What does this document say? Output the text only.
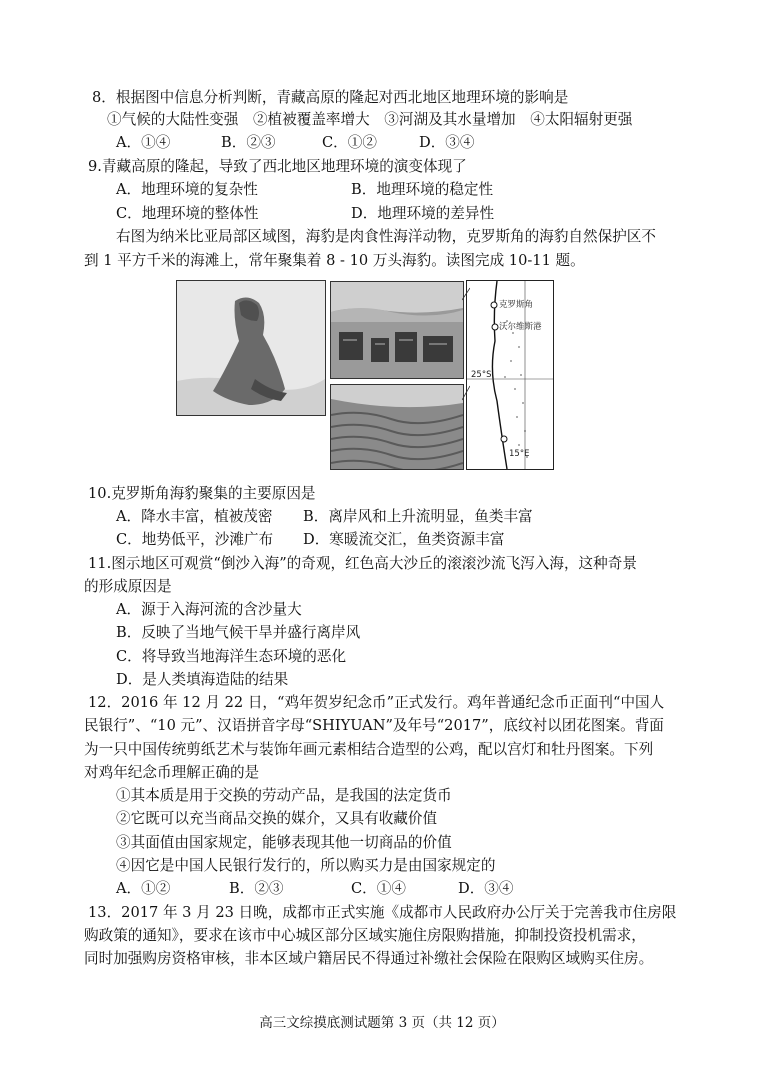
8．根据图中信息分析判断，青藏高原的隆起对西北地区地理环境的影响是
①气候的大陆性变强　②植被覆盖率增大　③河湖及其水量增加　④太阳辐射更强
A．①④	B．②③	C．①②	D．③④
9.青藏高原的隆起，导致了西北地区地理环境的演变体现了
A．地理环境的复杂性	B．地理环境的稳定性
C．地理环境的整体性	D．地理环境的差异性
右图为纳米比亚局部区域图，海豹是肉食性海洋动物，克罗斯角的海豹自然保护区不
到 1 平方千米的海滩上，常年聚集着 8 - 10 万头海豹。读图完成 10-11 题。
克罗斯角
沃尔维斯港
25°S
15°E
10.克罗斯角海豹聚集的主要原因是
A．降水丰富，植被茂密 B．离岸风和上升流明显，鱼类丰富
C．地势低平，沙滩广布 D．寒暖流交汇，鱼类资源丰富
11.图示地区可观赏“倒沙入海”的奇观，红色高大沙丘的滚滚沙流飞泻入海，这种奇景
的形成原因是
A．源于入海河流的含沙量大
B．反映了当地气候干旱并盛行离岸风
C．将导致当地海洋生态环境的恶化
D．是人类填海造陆的结果
12．2016 年 12 月 22 日，“鸡年贺岁纪念币”正式发行。鸡年普通纪念币正面刊“中国人
民银行”、“10 元”、汉语拼音字母“SHIYUAN”及年号“2017”，底纹衬以团花图案。背面
为一只中国传统剪纸艺术与装饰年画元素相结合造型的公鸡，配以宫灯和牡丹图案。下列
对鸡年纪念币理解正确的是
①其本质是用于交换的劳动产品，是我国的法定货币
②它既可以充当商品交换的媒介，又具有收藏价值
③其面值由国家规定，能够表现其他一切商品的价值
④因它是中国人民银行发行的，所以购买力是由国家规定的
A．①②	B．②③	C．①④	D．③④
13．2017 年 3 月 23 日晚，成都市正式实施《成都市人民政府办公厅关于完善我市住房限
购政策的通知》，要求在该市中心城区部分区域实施住房限购措施，抑制投资投机需求，
同时加强购房资格审核，非本区域户籍居民不得通过补缴社会保险在限购区域购买住房。
高三文综摸底测试题第 3 页（共 12 页）
